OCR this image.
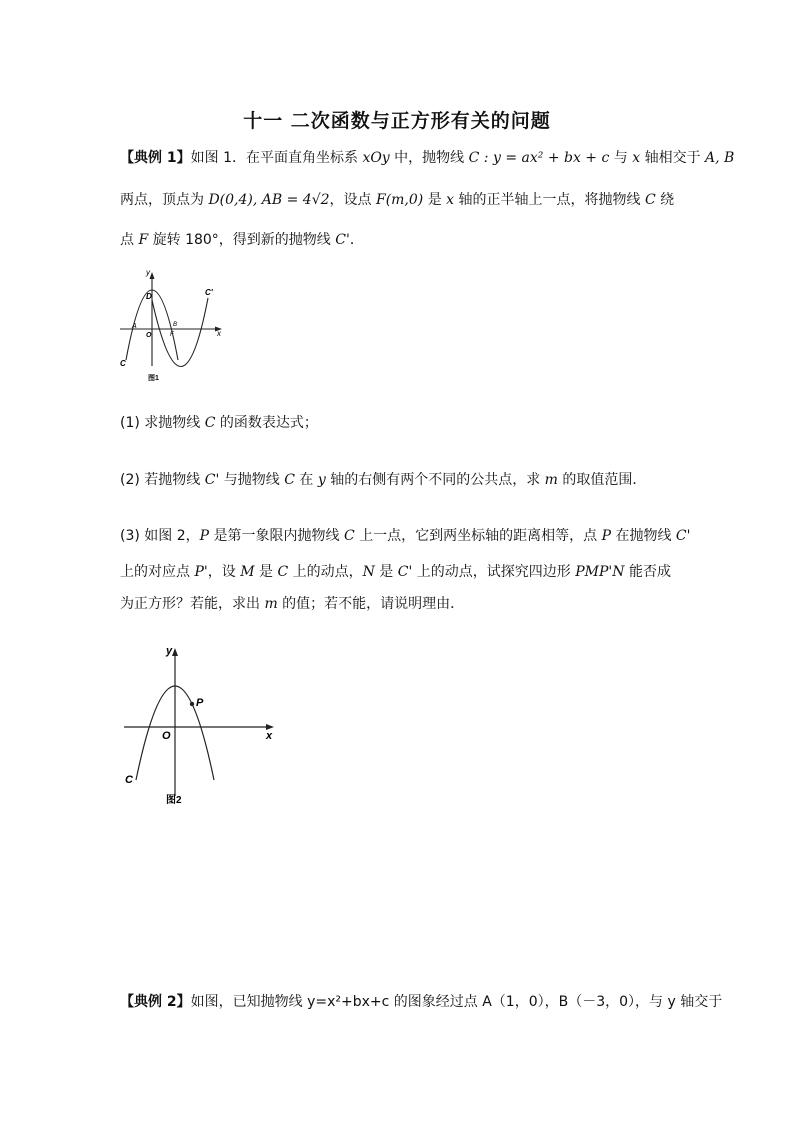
十一 二次函数与正方形有关的问题
【典例 1】如图 1．在平面直角坐标系 xOy 中，抛物线 C : y = ax² + bx + c 与 x 轴相交于 A, B
两点，顶点为 D(0,4), AB = 4√2，设点 F(m,0) 是 x 轴的正半轴上一点，将抛物线 C 绕
点 F 旋转 180°，得到新的抛物线 C'．
y
x
D	C'
A
O
B
F
C
图1
(1) 求抛物线 C 的函数表达式；
(2) 若抛物线 C' 与抛物线 C 在 y 轴的右侧有两个不同的公共点，求 m 的取值范围．
(3) 如图 2，P 是第一象限内抛物线 C 上一点，它到两坐标轴的距离相等，点 P 在抛物线 C'
上的对应点 P'，设 M 是 C 上的动点，N 是 C' 上的动点，试探究四边形 PMP'N 能否成
为正方形？若能，求出 m 的值；若不能，请说明理由．
y
x
P
O
C
图2
【典例 2】如图，已知抛物线 y=x²+bx+c 的图象经过点 A（1，0），B（－3，0），与 y 轴交于
